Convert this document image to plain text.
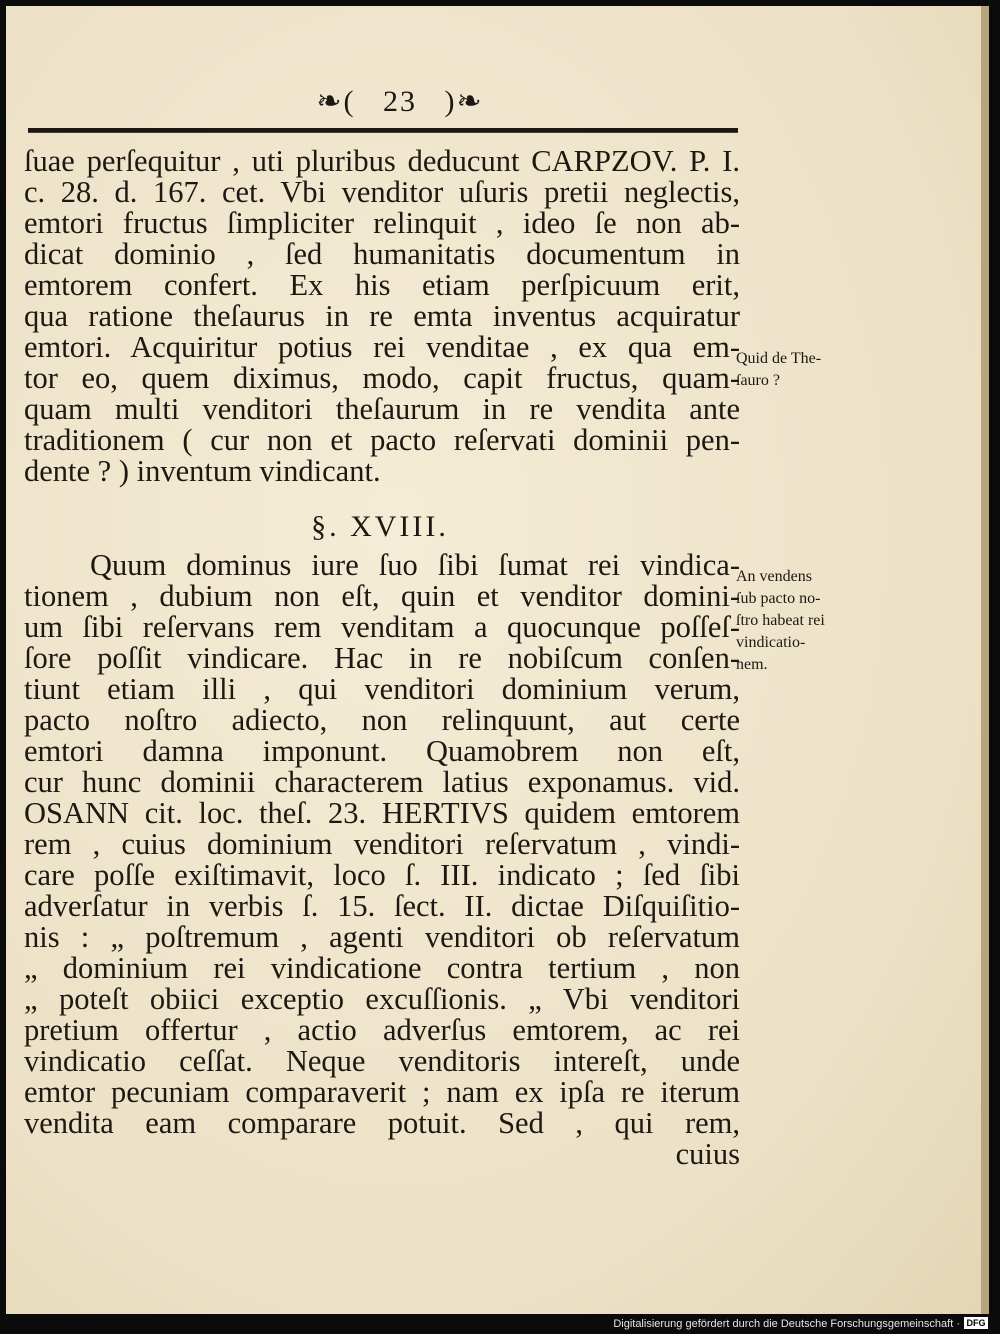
❧( 23 )❧
ſuae perſequitur , uti pluribus deducunt CARPZOV. P. I.
c. 28. d. 167. cet. Vbi venditor uſuris pretii neglectis,
emtori fructus ſimpliciter relinquit , ideo ſe non ab-
dicat dominio , ſed humanitatis documentum in
emtorem confert. Ex his etiam perſpicuum erit,
qua ratione theſaurus in re emta inventus acquiratur
emtori. Acquiritur potius rei venditae , ex qua em-
tor eo, quem diximus, modo, capit fructus, quam-
quam multi venditori theſaurum in re vendita ante
traditionem ( cur non et pacto reſervati dominii pen-
dente ? ) inventum vindicant.
§. XVIII.
Quum dominus iure ſuo ſibi ſumat rei vindica-
tionem , dubium non eſt, quin et venditor domini-
um ſibi reſervans rem venditam a quocunque poſſeſ-
ſore poſſit vindicare. Hac in re nobiſcum conſen-
tiunt etiam illi , qui venditori dominium verum,
pacto noſtro adiecto, non relinquunt, aut certe
emtori damna imponunt. Quamobrem non eſt,
cur hunc dominii characterem latius exponamus. vid.
OSANN cit. loc. theſ. 23. HERTIVS quidem emtorem
rem , cuius dominium venditori reſervatum , vindi-
care poſſe exiſtimavit, loco ſ. III. indicato ; ſed ſibi
adverſatur in verbis ſ. 15. ſect. II. dictae Diſquiſitio-
nis : „ poſtremum , agenti venditori ob reſervatum
„ dominium rei vindicatione contra tertium , non
„ poteſt obiici exceptio excuſſionis. „ Vbi venditori
pretium offertur , actio adverſus emtorem, ac rei
vindicatio ceſſat. Neque venditoris intereſt, unde
emtor pecuniam comparaverit ; nam ex ipſa re iterum
vendita eam comparare potuit. Sed , qui rem,
cuius
Quid de The-
ſauro ?
An vendens
ſub pacto no-
ſtro habeat rei
vindicatio-
nem.
Digitalisierung gefördert durch die Deutsche Forschungsgemeinschaft · DFG
